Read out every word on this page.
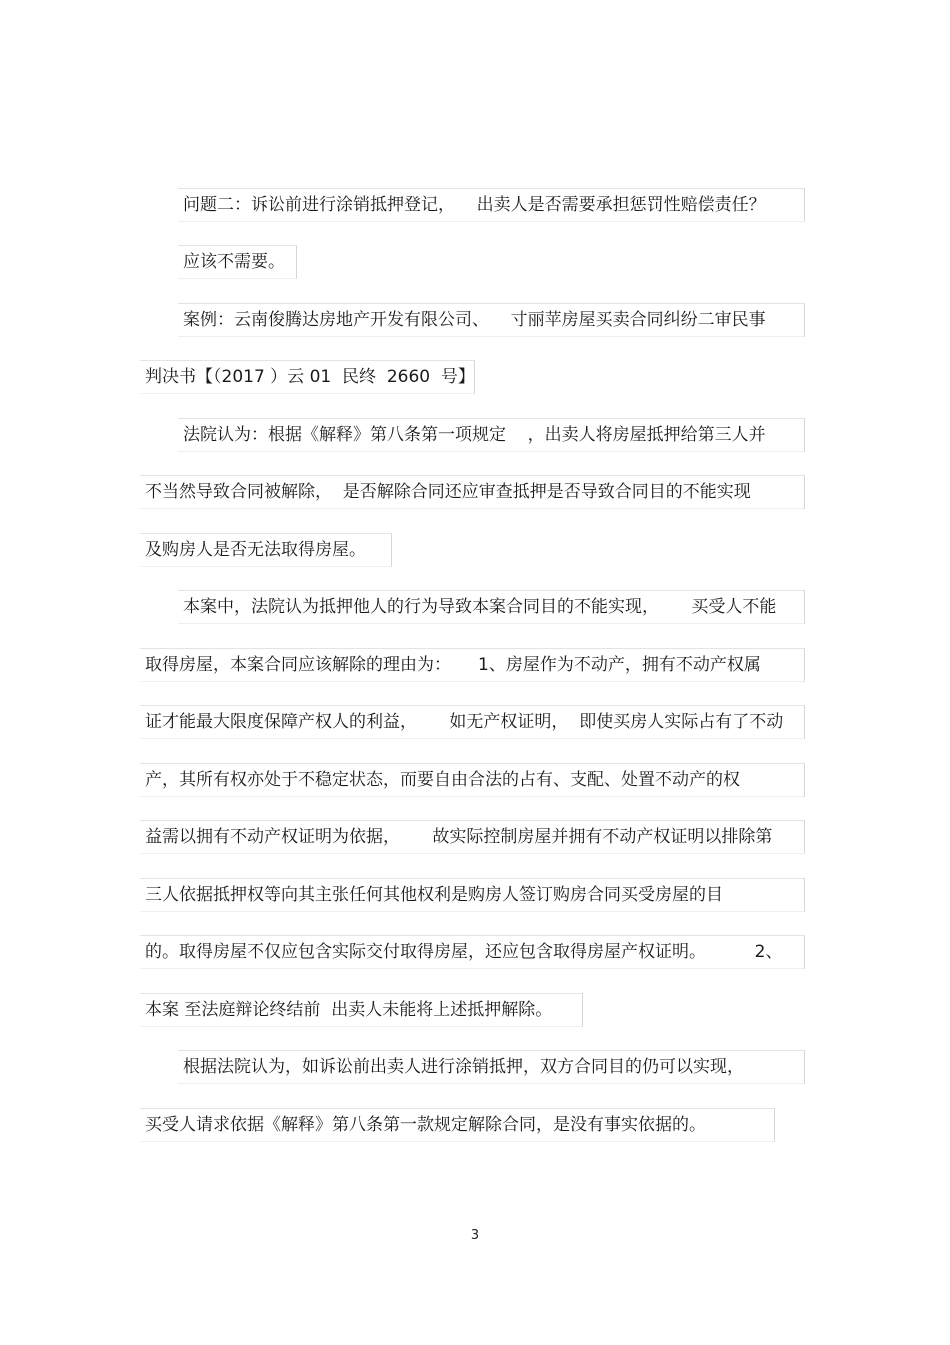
问题二：诉讼前进行涂销抵押登记，    出卖人是否需要承担惩罚性赔偿责任？

应该不需要。

案例：云南俊腾达房地产开发有限公司、    寸丽苹房屋买卖合同纠纷二审民事

判决书【（2017 ）云 01  民终  2660  号】

法院认为：根据《解释》第八条第一项规定    ，出卖人将房屋抵押给第三人并

不当然导致合同被解除，  是否解除合同还应审查抵押是否导致合同目的不能实现

及购房人是否无法取得房屋。

本案中，法院认为抵押他人的行为导致本案合同目的不能实现，      买受人不能

取得房屋，本案合同应该解除的理由为：     1、房屋作为不动产，拥有不动产权属

证才能最大限度保障产权人的利益，      如无产权证明，  即使买房人实际占有了不动

产，其所有权亦处于不稳定状态，而要自由合法的占有、支配、处置不动产的权

益需以拥有不动产权证明为依据，      故实际控制房屋并拥有不动产权证明以排除第

三人依据抵押权等向其主张任何其他权利是购房人签订购房合同买受房屋的目

的。取得房屋不仅应包含实际交付取得房屋，还应包含取得房屋产权证明。         2、

本案 至法庭辩论终结前  出卖人未能将上述抵押解除。

根据法院认为，如诉讼前出卖人进行涂销抵押，双方合同目的仍可以实现，

买受人请求依据《解释》第八条第一款规定解除合同，是没有事实依据的。

3
